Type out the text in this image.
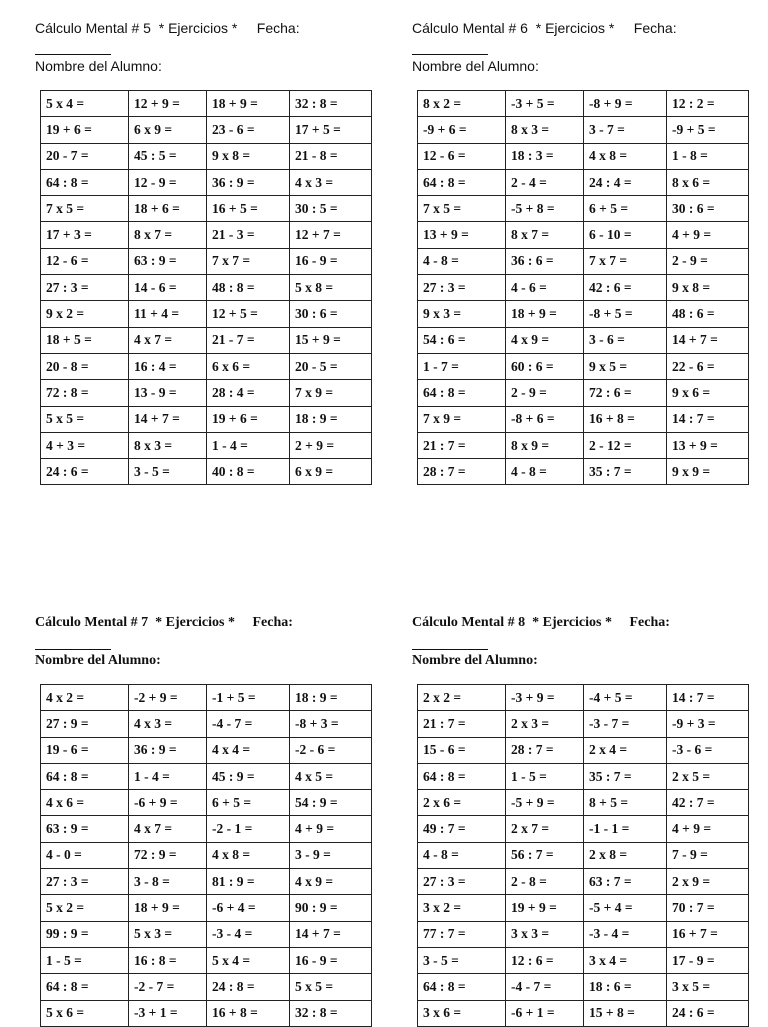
Cálculo Mental # 5 * Ejercicios * Fecha:
Nombre del Alumno:
5 x 4 =	12 + 9 =	18 + 9 =	32 : 8 =
19 + 6 =	6 x 9 =	23 - 6 =	17 + 5 =
20 - 7 =	45 : 5 =	9 x 8 =	21 - 8 =
64 : 8 =	12 - 9 =	36 : 9 =	4 x 3 =
7 x 5 =	18 + 6 =	16 + 5 =	30 : 5 =
17 + 3 =	8 x 7 =	21 - 3 =	12 + 7 =
12 - 6 =	63 : 9 =	7 x 7 =	16 - 9 =
27 : 3 =	14 - 6 =	48 : 8 =	5 x 8 =
9 x 2 =	11 + 4 =	12 + 5 =	30 : 6 =
18 + 5 =	4 x 7 =	21 - 7 =	15 + 9 =
20 - 8 =	16 : 4 =	6 x 6 =	20 - 5 =
72 : 8 =	13 - 9 =	28 : 4 =	7 x 9 =
5 x 5 =	14 + 7 =	19 + 6 =	18 : 9 =
4 + 3 =	8 x 3 =	1 - 4 =	2 + 9 =
24 : 6 =	3 - 5 =	40 : 8 =	6 x 9 =
Cálculo Mental # 6 * Ejercicios * Fecha:
Nombre del Alumno:
8 x 2 =	-3 + 5 =	-8 + 9 =	12 : 2 =
-9 + 6 =	8 x 3 =	3 - 7 =	-9 + 5 =
12 - 6 =	18 : 3 =	4 x 8 =	1 - 8 =
64 : 8 =	2 - 4 =	24 : 4 =	8 x 6 =
7 x 5 =	-5 + 8 =	6 + 5 =	30 : 6 =
13 + 9 =	8 x 7 =	6 - 10 =	4 + 9 =
4 - 8 =	36 : 6 =	7 x 7 =	2 - 9 =
27 : 3 =	4 - 6 =	42 : 6 =	9 x 8 =
9 x 3 =	18 + 9 =	-8 + 5 =	48 : 6 =
54 : 6 =	4 x 9 =	3 - 6 =	14 + 7 =
1 - 7 =	60 : 6 =	9 x 5 =	22 - 6 =
64 : 8 =	2 - 9 =	72 : 6 =	9 x 6 =
7 x 9 =	-8 + 6 =	16 + 8 =	14 : 7 =
21 : 7 =	8 x 9 =	2 - 12 =	13 + 9 =
28 : 7 =	4 - 8 =	35 : 7 =	9 x 9 =
Cálculo Mental # 7 * Ejercicios * Fecha:
Nombre del Alumno:
4 x 2 =	-2 + 9 =	-1 + 5 =	18 : 9 =
27 : 9 =	4 x 3 =	-4 - 7 =	-8 + 3 =
19 - 6 =	36 : 9 =	4 x 4 =	-2 - 6 =
64 : 8 =	1 - 4 =	45 : 9 =	4 x 5 =
4 x 6 =	-6 + 9 =	6 + 5 =	54 : 9 =
63 : 9 =	4 x 7 =	-2 - 1 =	4 + 9 =
4 - 0 =	72 : 9 =	4 x 8 =	3 - 9 =
27 : 3 =	3 - 8 =	81 : 9 =	4 x 9 =
5 x 2 =	18 + 9 =	-6 + 4 =	90 : 9 =
99 : 9 =	5 x 3 =	-3 - 4 =	14 + 7 =
1 - 5 =	16 : 8 =	5 x 4 =	16 - 9 =
64 : 8 =	-2 - 7 =	24 : 8 =	5 x 5 =
5 x 6 =	-3 + 1 =	16 + 8 =	32 : 8 =
Cálculo Mental # 8 * Ejercicios * Fecha:
Nombre del Alumno:
2 x 2 =	-3 + 9 =	-4 + 5 =	14 : 7 =
21 : 7 =	2 x 3 =	-3 - 7 =	-9 + 3 =
15 - 6 =	28 : 7 =	2 x 4 =	-3 - 6 =
64 : 8 =	1 - 5 =	35 : 7 =	2 x 5 =
2 x 6 =	-5 + 9 =	8 + 5 =	42 : 7 =
49 : 7 =	2 x 7 =	-1 - 1 =	4 + 9 =
4 - 8 =	56 : 7 =	2 x 8 =	7 - 9 =
27 : 3 =	2 - 8 =	63 : 7 =	2 x 9 =
3 x 2 =	19 + 9 =	-5 + 4 =	70 : 7 =
77 : 7 =	3 x 3 =	-3 - 4 =	16 + 7 =
3 - 5 =	12 : 6 =	3 x 4 =	17 - 9 =
64 : 8 =	-4 - 7 =	18 : 6 =	3 x 5 =
3 x 6 =	-6 + 1 =	15 + 8 =	24 : 6 =
